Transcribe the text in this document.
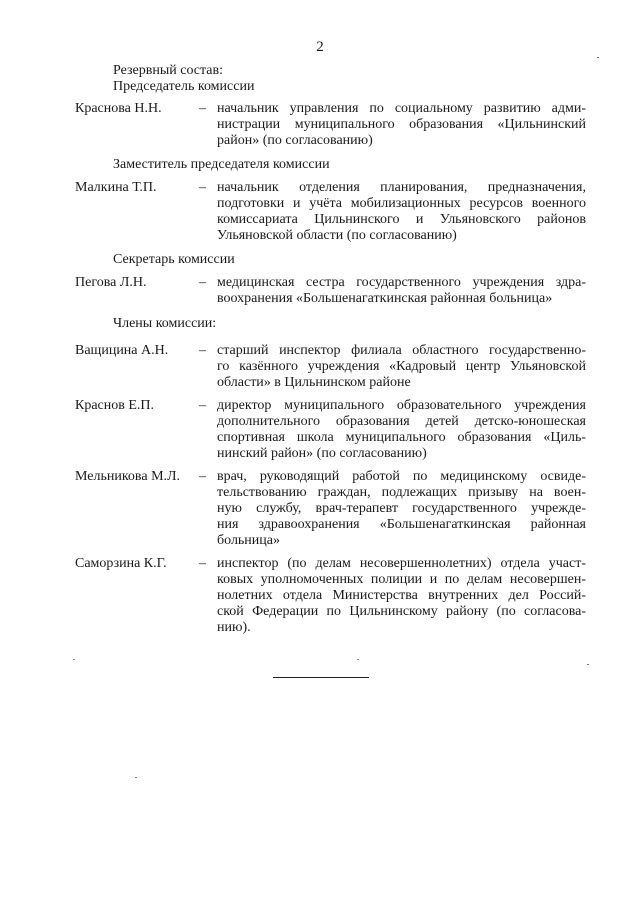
2
Резервный состав:
Председатель комиссии
Краснова Н.Н.	– начальник управления по социальному развитию адми-
нистрации муниципального образования «Цильнинский
район» (по согласованию)
Заместитель председателя комиссии
Малкина Т.П.	– начальник отделения планирования, предназначения,
подготовки и учёта мобилизационных ресурсов военного
комиссариата Цильнинского и Ульяновского районов
Ульяновской области (по согласованию)
Секретарь комиссии
Пегова Л.Н.	– медицинская сестра государственного учреждения здра-
воохранения «Большенагаткинская районная больница»
Члены комиссии:
Ващицина А.Н. – старший инспектор филиала областного государственно-
го казённого учреждения «Кадровый центр Ульяновской
области» в Цильнинском районе
Краснов Е.П.	– директор муниципального образовательного учреждения
дополнительного образования детей детско-юношеская
спортивная школа муниципального образования «Циль-
нинский район» (по согласованию)
Мельникова М.Л. – врач, руководящий работой по медицинскому освиде-
тельствованию граждан, подлежащих призыву на воен-
ную службу, врач-терапевт государственного учрежде-
ния здравоохранения «Большенагаткинская районная
больница»
Саморзина К.Г. – инспектор (по делам несовершеннолетних) отдела участ-
ковых уполномоченных полиции и по делам несовершен-
нолетних отдела Министерства внутренних дел Россий-
ской Федерации по Цильнинскому району (по согласова-
нию).
